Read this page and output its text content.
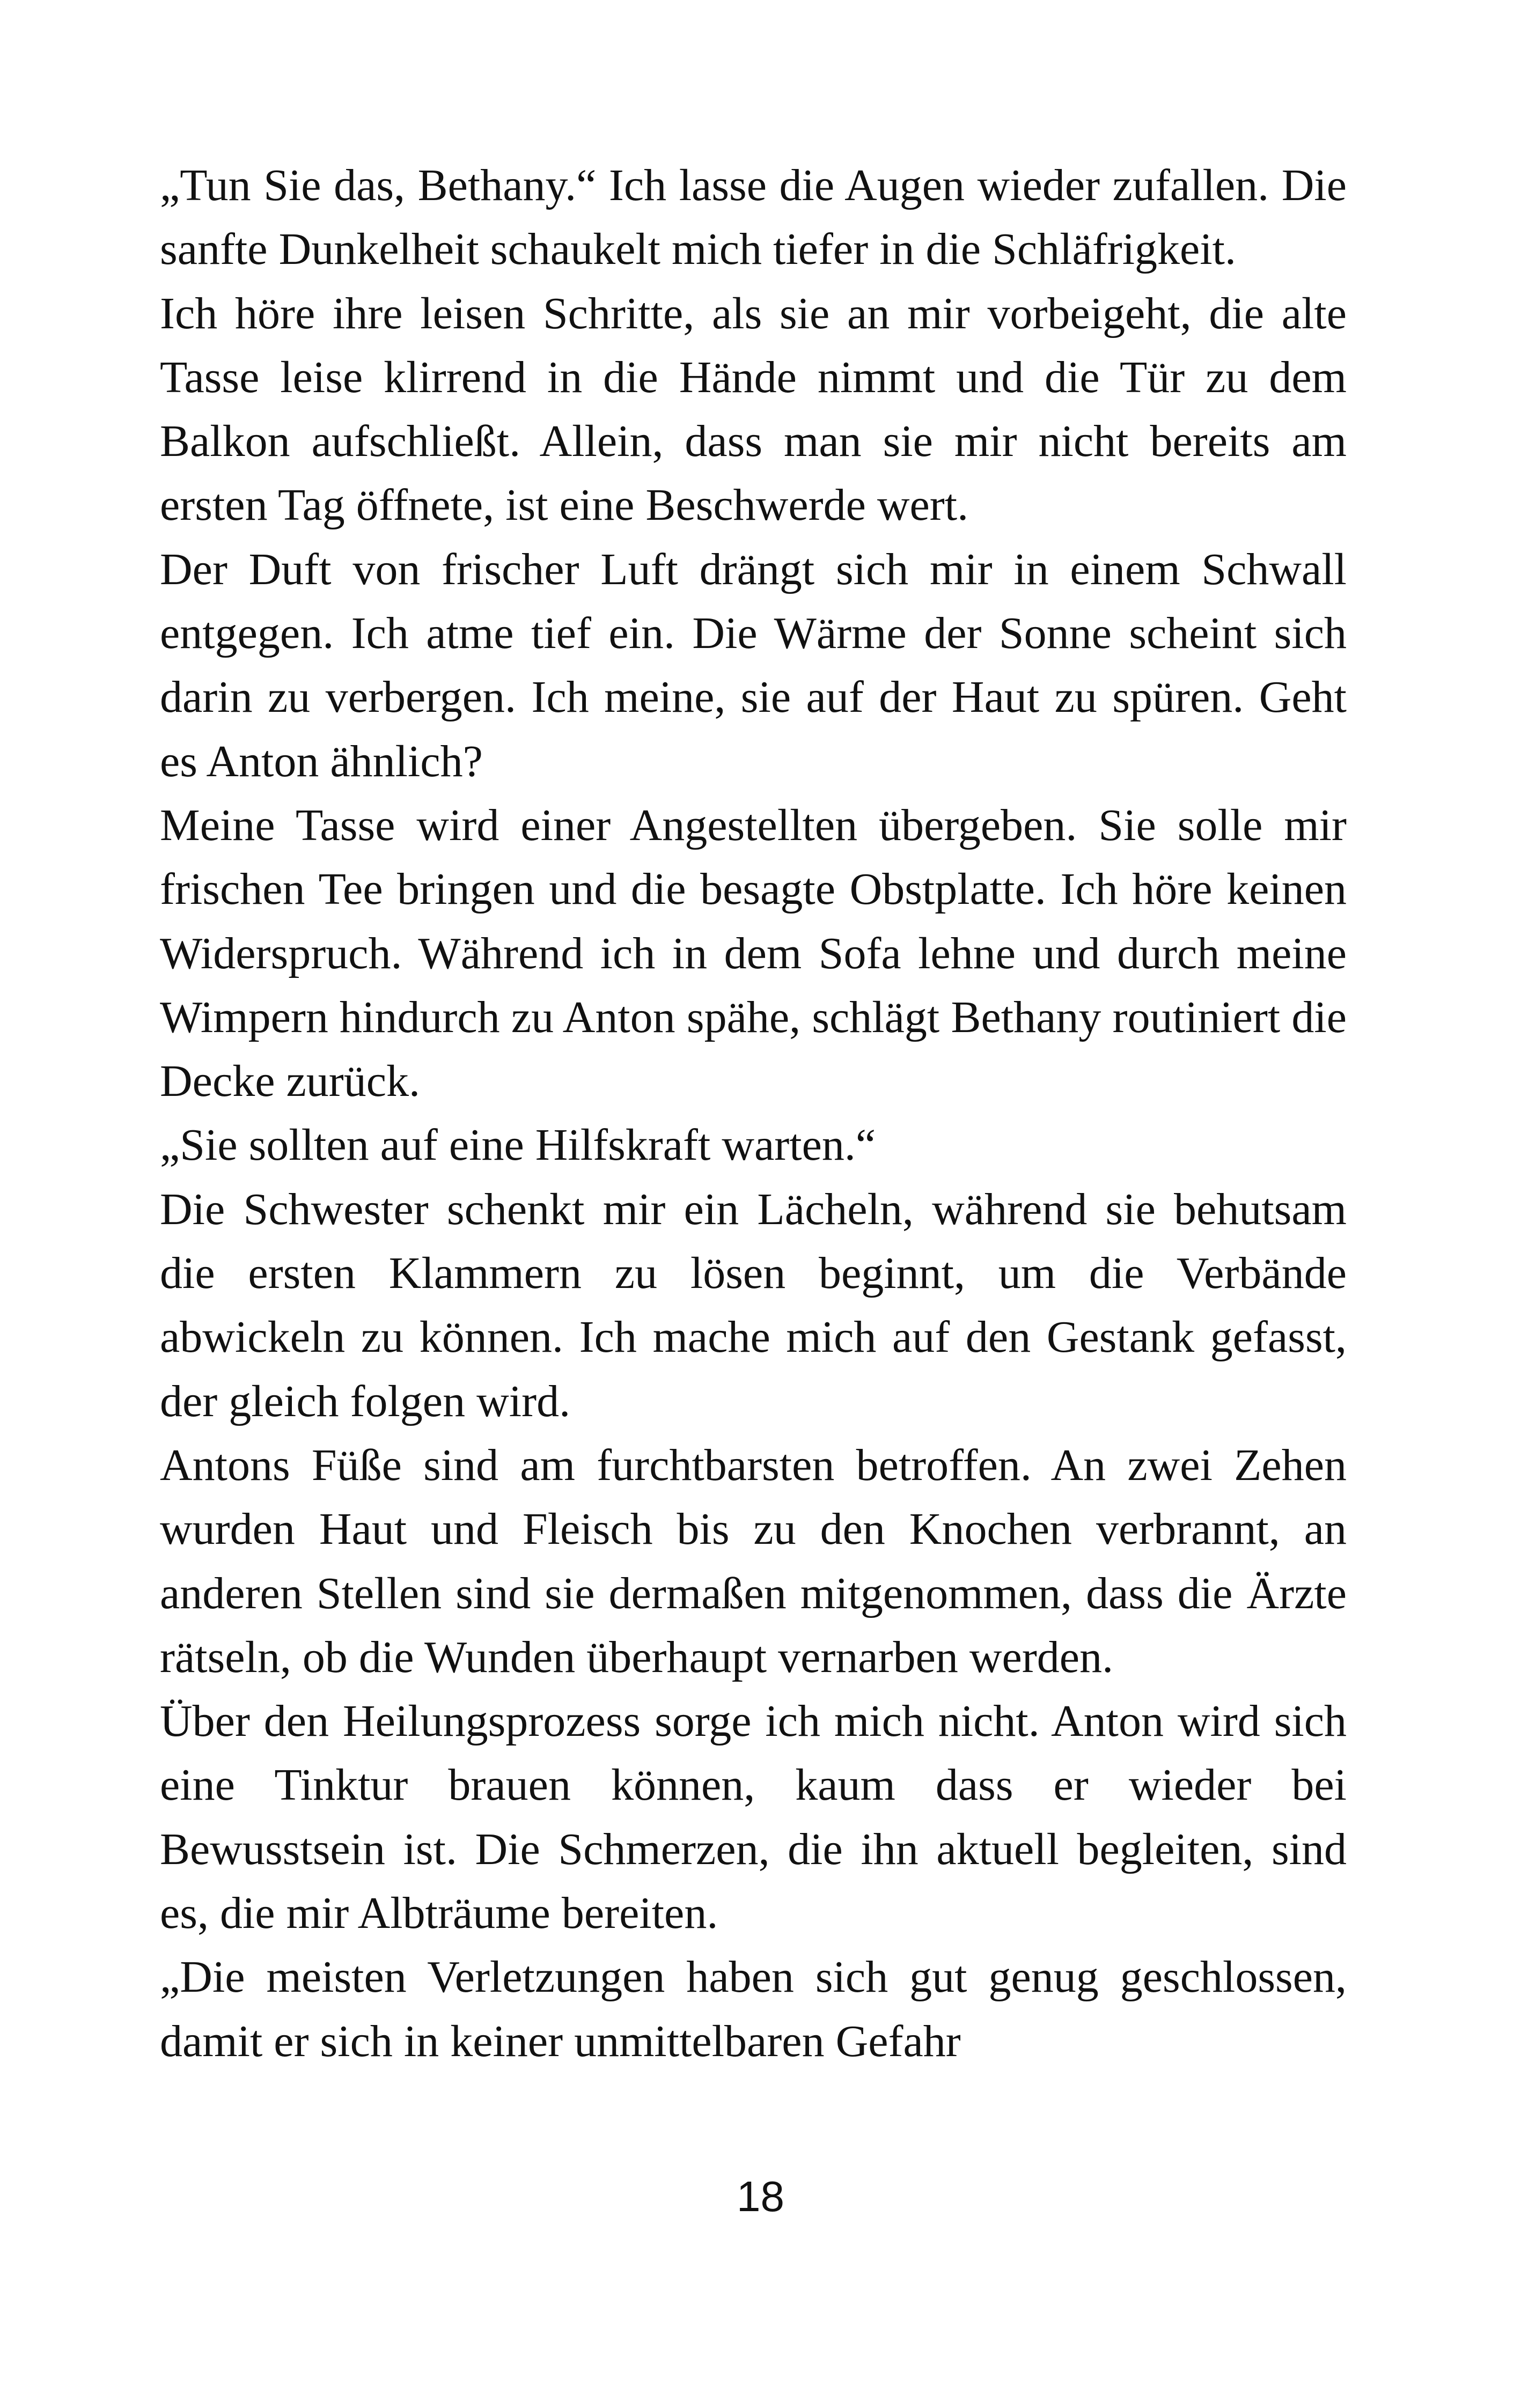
„Tun Sie das, Bethany.“ Ich lasse die Augen wieder zufallen. Die sanfte Dunkelheit schaukelt mich tiefer in die Schläfrigkeit.

Ich höre ihre leisen Schritte, als sie an mir vorbeigeht, die alte Tasse leise klirrend in die Hände nimmt und die Tür zu dem Balkon aufschließt. Allein, dass man sie mir nicht bereits am ersten Tag öffnete, ist eine Beschwerde wert.

Der Duft von frischer Luft drängt sich mir in einem Schwall entgegen. Ich atme tief ein. Die Wärme der Sonne scheint sich darin zu verbergen. Ich meine, sie auf der Haut zu spüren. Geht es Anton ähnlich?

Meine Tasse wird einer Angestellten übergeben. Sie solle mir frischen Tee bringen und die besagte Obstplatte. Ich höre keinen Widerspruch. Während ich in dem Sofa lehne und durch meine Wimpern hindurch zu Anton spähe, schlägt Bethany routiniert die Decke zurück.

„Sie sollten auf eine Hilfskraft warten.“

Die Schwester schenkt mir ein Lächeln, während sie behutsam die ersten Klammern zu lösen beginnt, um die Verbände abwickeln zu können. Ich mache mich auf den Gestank gefasst, der gleich folgen wird.

Antons Füße sind am furchtbarsten betroffen. An zwei Zehen wurden Haut und Fleisch bis zu den Knochen verbrannt, an anderen Stellen sind sie dermaßen mitgenommen, dass die Ärzte rätseln, ob die Wunden überhaupt vernarben werden.

Über den Heilungsprozess sorge ich mich nicht. Anton wird sich eine Tinktur brauen können, kaum dass er wieder bei Bewusstsein ist. Die Schmerzen, die ihn aktuell begleiten, sind es, die mir Albträume bereiten.

„Die meisten Verletzungen haben sich gut genug geschlossen, damit er sich in keiner unmittelbaren Gefahr

18
